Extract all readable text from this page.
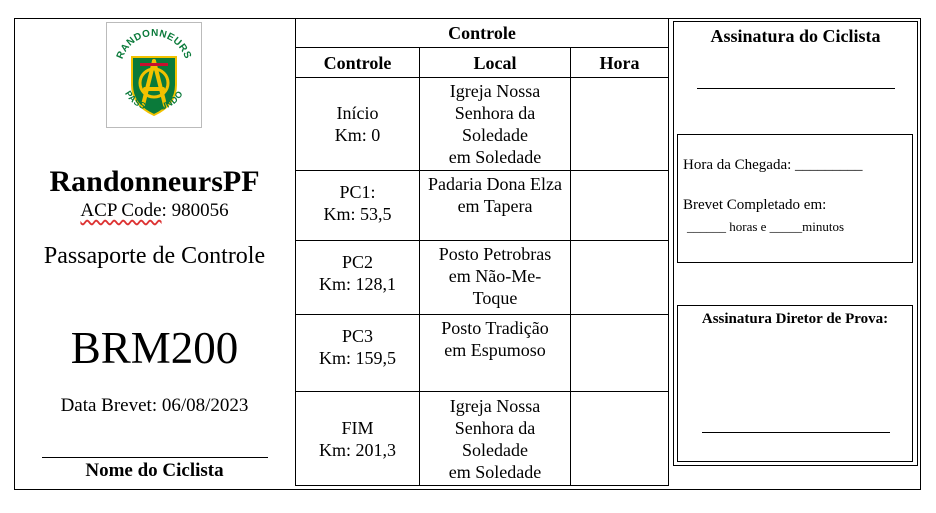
RANDONNEURS
PASSO FUNDO
RandonneursPF
ACP Code: 980056
Passaporte de Controle
BRM200
Data Brevet: 06/08/2023
Nome do Ciclista
Controle		
Controle	Local	Hora

Início
Km: 0	Igreja Nossa
Senhora da
Soledade
em Soledade	

PC1:
Km: 53,5	Padaria Dona Elza
em Tapera	

PC2
Km: 128,1	Posto Petrobras
em Não-Me-
Toque	

PC3
Km: 159,5	Posto Tradição
em Espumoso	

FIM
Km: 201,3	Igreja Nossa
Senhora da
Soledade
em Soledade	

Assinatura do Ciclista
Hora da Chegada: _________
Brevet Completado em:
______ horas e _____minutos
Assinatura Diretor de Prova:
